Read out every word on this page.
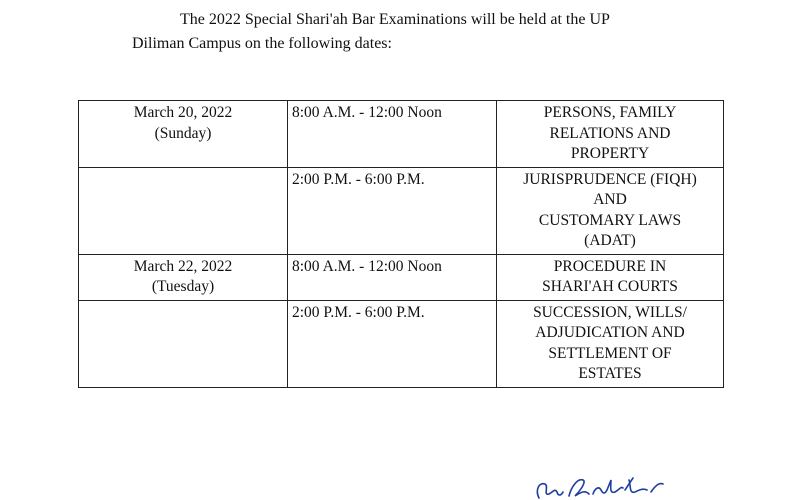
The 2022 Special Shari'ah Bar Examinations will be held at the UP
Diliman Campus on the following dates:
March 20, 2022
(Sunday)	8:00 A.M. - 12:00 Noon	PERSONS, FAMILY
RELATIONS AND
PROPERTY

	2:00 P.M. - 6:00 P.M.	JURISPRUDENCE (FIQH)
AND
CUSTOMARY LAWS
(ADAT)

March 22, 2022
(Tuesday)	8:00 A.M. - 12:00 Noon	PROCEDURE IN
SHARI'AH COURTS

	2:00 P.M. - 6:00 P.M.	SUCCESSION, WILLS/
ADJUDICATION AND
SETTLEMENT OF
ESTATES
